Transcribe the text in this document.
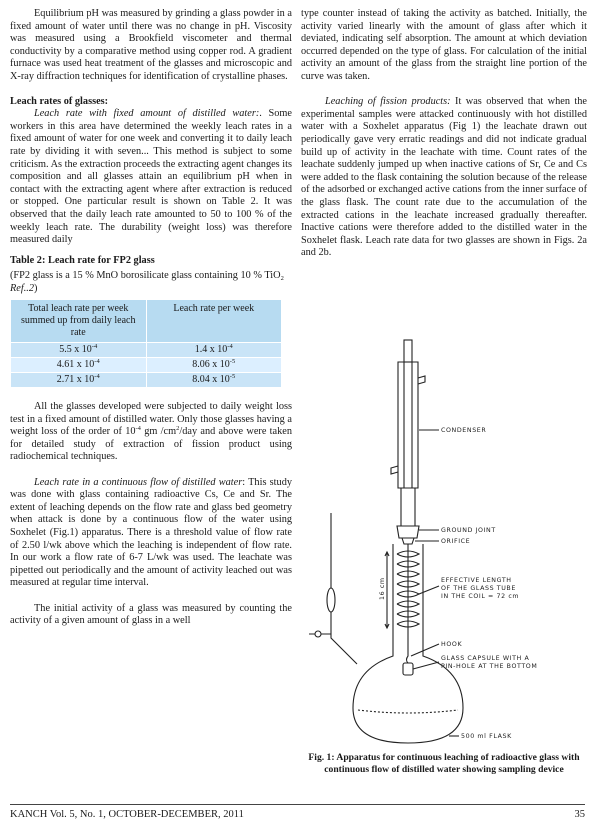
Equilibrium pH was measured by grinding a glass powder in a fixed amount of water until there was no change in pH. Viscosity was measured using a Brookfield viscometer and thermal conductivity by a comparative method using copper rod. A gradient furnace was used heat treatment of the glasses and microscopic and X-ray diffraction techniques for identification of crystalline phases.

Leach rates of glasses:

Leach rate with fixed amount of distilled water:. Some workers in this area have determined the weekly leach rates in a fixed amount of water for one week and converting it to daily leach rate by dividing it with seven... This method is subject to some criticism. As the extraction proceeds the extracting agent changes its composition and all glasses attain an equilibrium pH when in contact with the extracting agent where after extraction is reduced or stopped. One particular result is shown on Table 2. It was observed that the daily leach rate amounted to 50 to 100 % of the weekly leach rate. The durability (weight loss) was therefore measured daily

Table 2: Leach rate for FP2 glass

(FP2 glass is a 15 % MnO borosilicate glass containing 10 % TiO$_2$ Ref..2)

Total leach rate per week summed up from daily leach rate	Leach rate per week
5.5 x $10^{-4}$	1.4 x $10^{-4}$
4.61 x $10^{-4}$	8.06 x $10^{-5}$
2.71 x $10^{-4}$	8.04 x $10^{-5}$

All the glasses developed were subjected to daily weight loss test in a fixed amount of distilled water. Only those glasses having a weight loss of the order of $10^{-4}$ gm $/cm^2$/day and above were taken for detailed study of extraction of fission product using radiochemical techniques.

Leach rate in a continuous flow of distilled water: This study was done with glass containing radioactive Cs, Ce and Sr. The extent of leaching depends on the flow rate and glass bed geometry when attack is done by a continuous flow of the water using Soxhelet (Fig.1) apparatus. There is a threshold value of flow rate of 2.50 l/wk above which the leaching is independent of flow rate. In our work a flow rate of 6-7 L/wk was used. The leachate was pipetted out periodically and the amount of activity leached out was measured at regular time interval.

The initial activity of a glass was measured by counting the activity of a given amount of glass in a well

type counter instead of taking the activity as batched. Initially, the activity varied linearly with the amount of glass after which it deviated, indicating self absorption. The amount at which deviation occurred depended on the type of glass. For calculation of the initial activity an amount of the glass from the straight line portion of the curve was taken.

Leaching of fission products: It was observed that when the experimental samples were attacked continuously with hot distilled water with a Soxhelet apparatus (Fig 1) the leachate drawn out periodically gave very erratic readings and did not indicate gradual build up of activity in the leachate with time. Count rates of the leachate suddenly jumped up when inactive cations of Sr, Ce and Cs were added to the flask containing the solution because of the release of the adsorbed or exchanged active cations from the inner surface of the glass flask. The count rate due to the accumulation of the extracted cations in the leachate increased gradually thereafter. Inactive cations were therefore added to the distilled water in the Soxhelet flask. Leach rate data for two glasses are shown in Figs. 2a and 2b.

CONDENSER
GROUND JOINT
ORIFICE
EFFECTIVE LENGTH
OF THE GLASS TUBE
IN THE COIL = 72 cm
16 cm
HOOK
GLASS CAPSULE WITH A
PIN-HOLE AT THE BOTTOM
500 ml FLASK
Fig. 1: Apparatus for continuous leaching of radioactive glass with continuous flow of distilled water showing sampling device
KANCH Vol. 5, No. 1, OCTOBER-DECEMBER, 2011	35
